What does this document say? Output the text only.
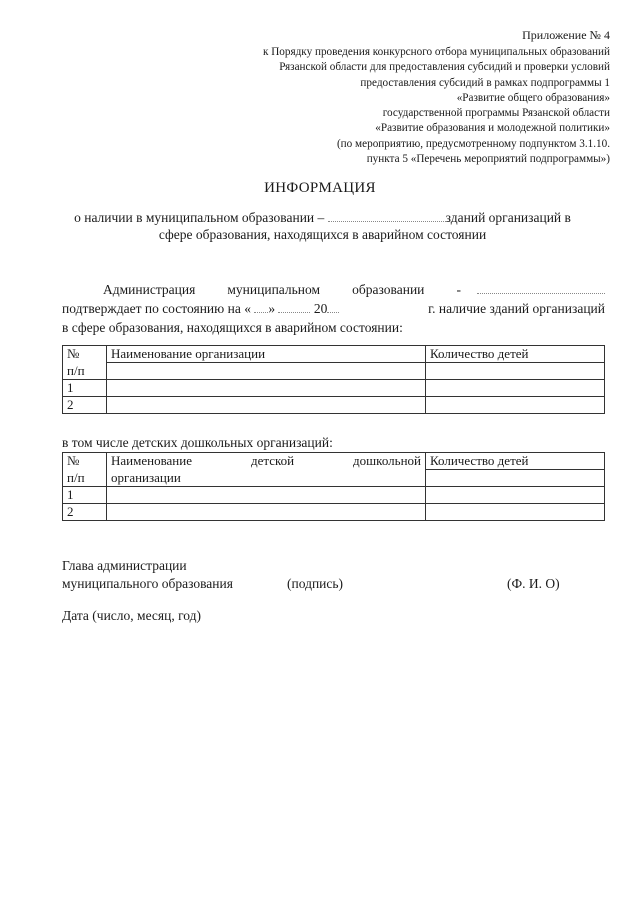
Приложение № 4
к Порядку проведения конкурсного отбора муниципальных образований
Рязанской области для предоставления субсидий и проверки условий
предоставления субсидий в рамках подпрограммы 1
«Развитие общего образования»
государственной программы Рязанской области
«Развитие образования и молодежной политики»
(по мероприятию, предусмотренному подпунктом 3.1.10.
пункта 5 «Перечень мероприятий подпрограммы»)
ИНФОРМАЦИЯ
о наличии в муниципальном образовании –	зданий организаций в
сфере образования, находящихся в аварийном состоянии
Администрация муниципальном образовании -
подтверждает по состоянию на « »	20	г. наличие зданий организаций
в сфере образования, находящихся в аварийном состоянии:
№	Наименование организации	Количество детей
п/п		
1		
2		
в том числе детских дошкольных организаций:
№	Наименование детской дошкольной	Количество детей
п/п	организации	
1		
2		
Глава администрации
муниципального образования	(подпись)	(Ф. И. О)
Дата (число, месяц, год)
